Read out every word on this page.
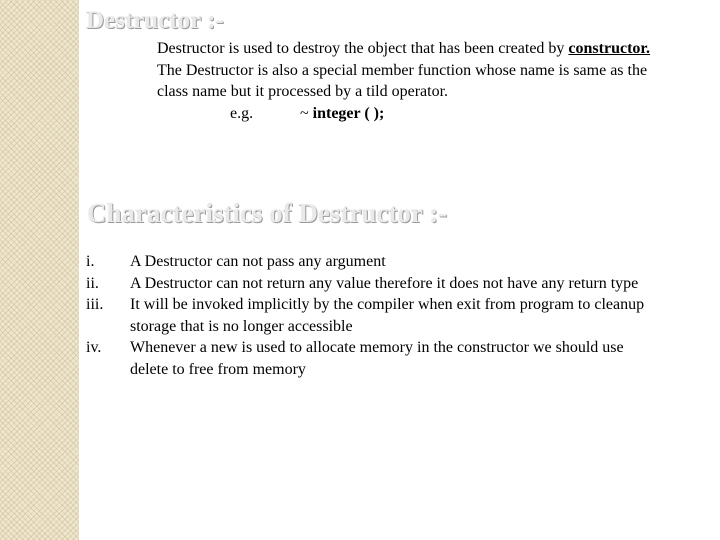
Destructor :-

Destructor is used to destroy the object that has been created by constructor.

The Destructor is also a special member function whose name is same as the

class name but it processed by a tild operator.

e.g.	~ integer ( );
Characteristics of Destructor :-
i. A Destructor can not pass any argument
ii. A Destructor can not return any value therefore it does not have any return type
iii. It will be invoked implicitly by the compiler when exit from program to cleanup
storage that is no longer accessible
iv. Whenever a new is used to allocate memory in the constructor we should use
delete to free from memory
